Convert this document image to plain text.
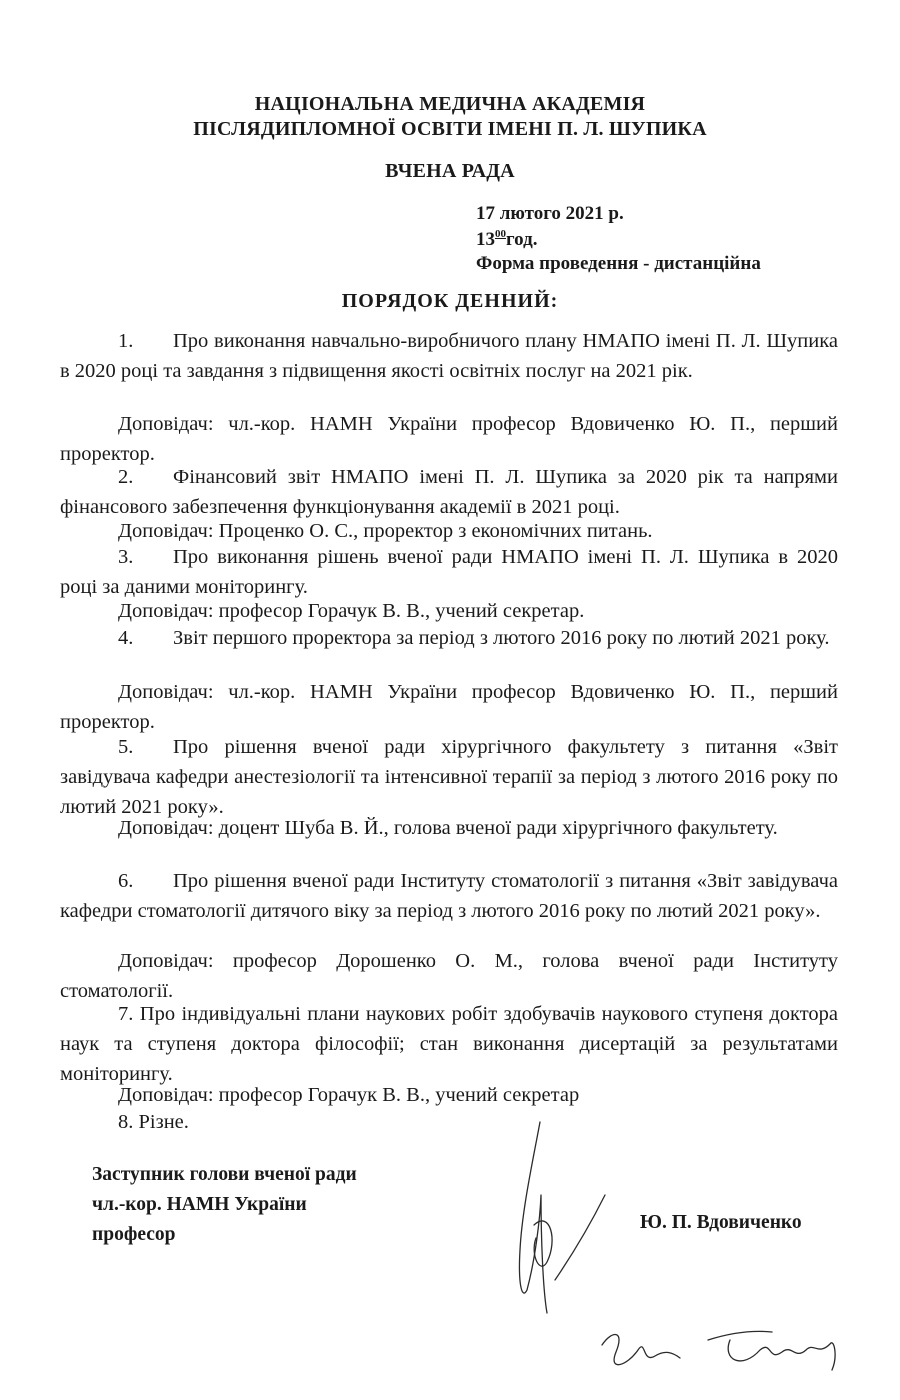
НАЦІОНАЛЬНА МЕДИЧНА АКАДЕМІЯ
ПІСЛЯДИПЛОМНОЇ ОСВІТИ ІМЕНІ П. Л. ШУПИКА
ВЧЕНА РАДА
17 лютого 2021 р.
$13^{00}год$.
Форма проведення - дистанційна
ПОРЯДОК ДЕННИЙ:
1. Про виконання навчально-виробничого плану НМАПО імені П. Л. Шупика в 2020 році та завдання з підвищення якості освітніх послуг на 2021 рік.
Доповідач: чл.-кор. НАМН України професор Вдовиченко Ю. П., перший проректор.
2. Фінансовий звіт НМАПО імені П. Л. Шупика за 2020 рік та напрями фінансового забезпечення функціонування академії в 2021 році.
Доповідач: Проценко О. С., проректор з економічних питань.
3. Про виконання рішень вченої ради НМАПО імені П. Л. Шупика в 2020 році за даними моніторингу.
Доповідач: професор Горачук В. В., учений секретар.
4. Звіт першого проректора за період з лютого 2016 року по лютий 2021 року.
Доповідач: чл.-кор. НАМН України професор Вдовиченко Ю. П., перший проректор.
5. Про рішення вченої ради хірургічного факультету з питання «Звіт завідувача кафедри анестезіології та інтенсивної терапії за період з лютого 2016 року по лютий 2021 року».
Доповідач: доцент Шуба В. Й., голова вченої ради хірургічного факультету.
6. Про рішення вченої ради Інституту стоматології з питання «Звіт завідувача кафедри стоматології дитячого віку за період з лютого 2016 року по лютий 2021 року».
Доповідач: професор Дорошенко О. М., голова вченої ради Інституту стоматології.
7. Про індивідуальні плани наукових робіт здобувачів наукового ступеня доктора наук та ступеня доктора філософії; стан виконання дисертацій за результатами моніторингу.
Доповідач: професор Горачук В. В., учений секретар
8. Різне.
Заступник голови вченої ради
чл.-кор. НАМН України
професор
Ю. П. Вдовиченко
